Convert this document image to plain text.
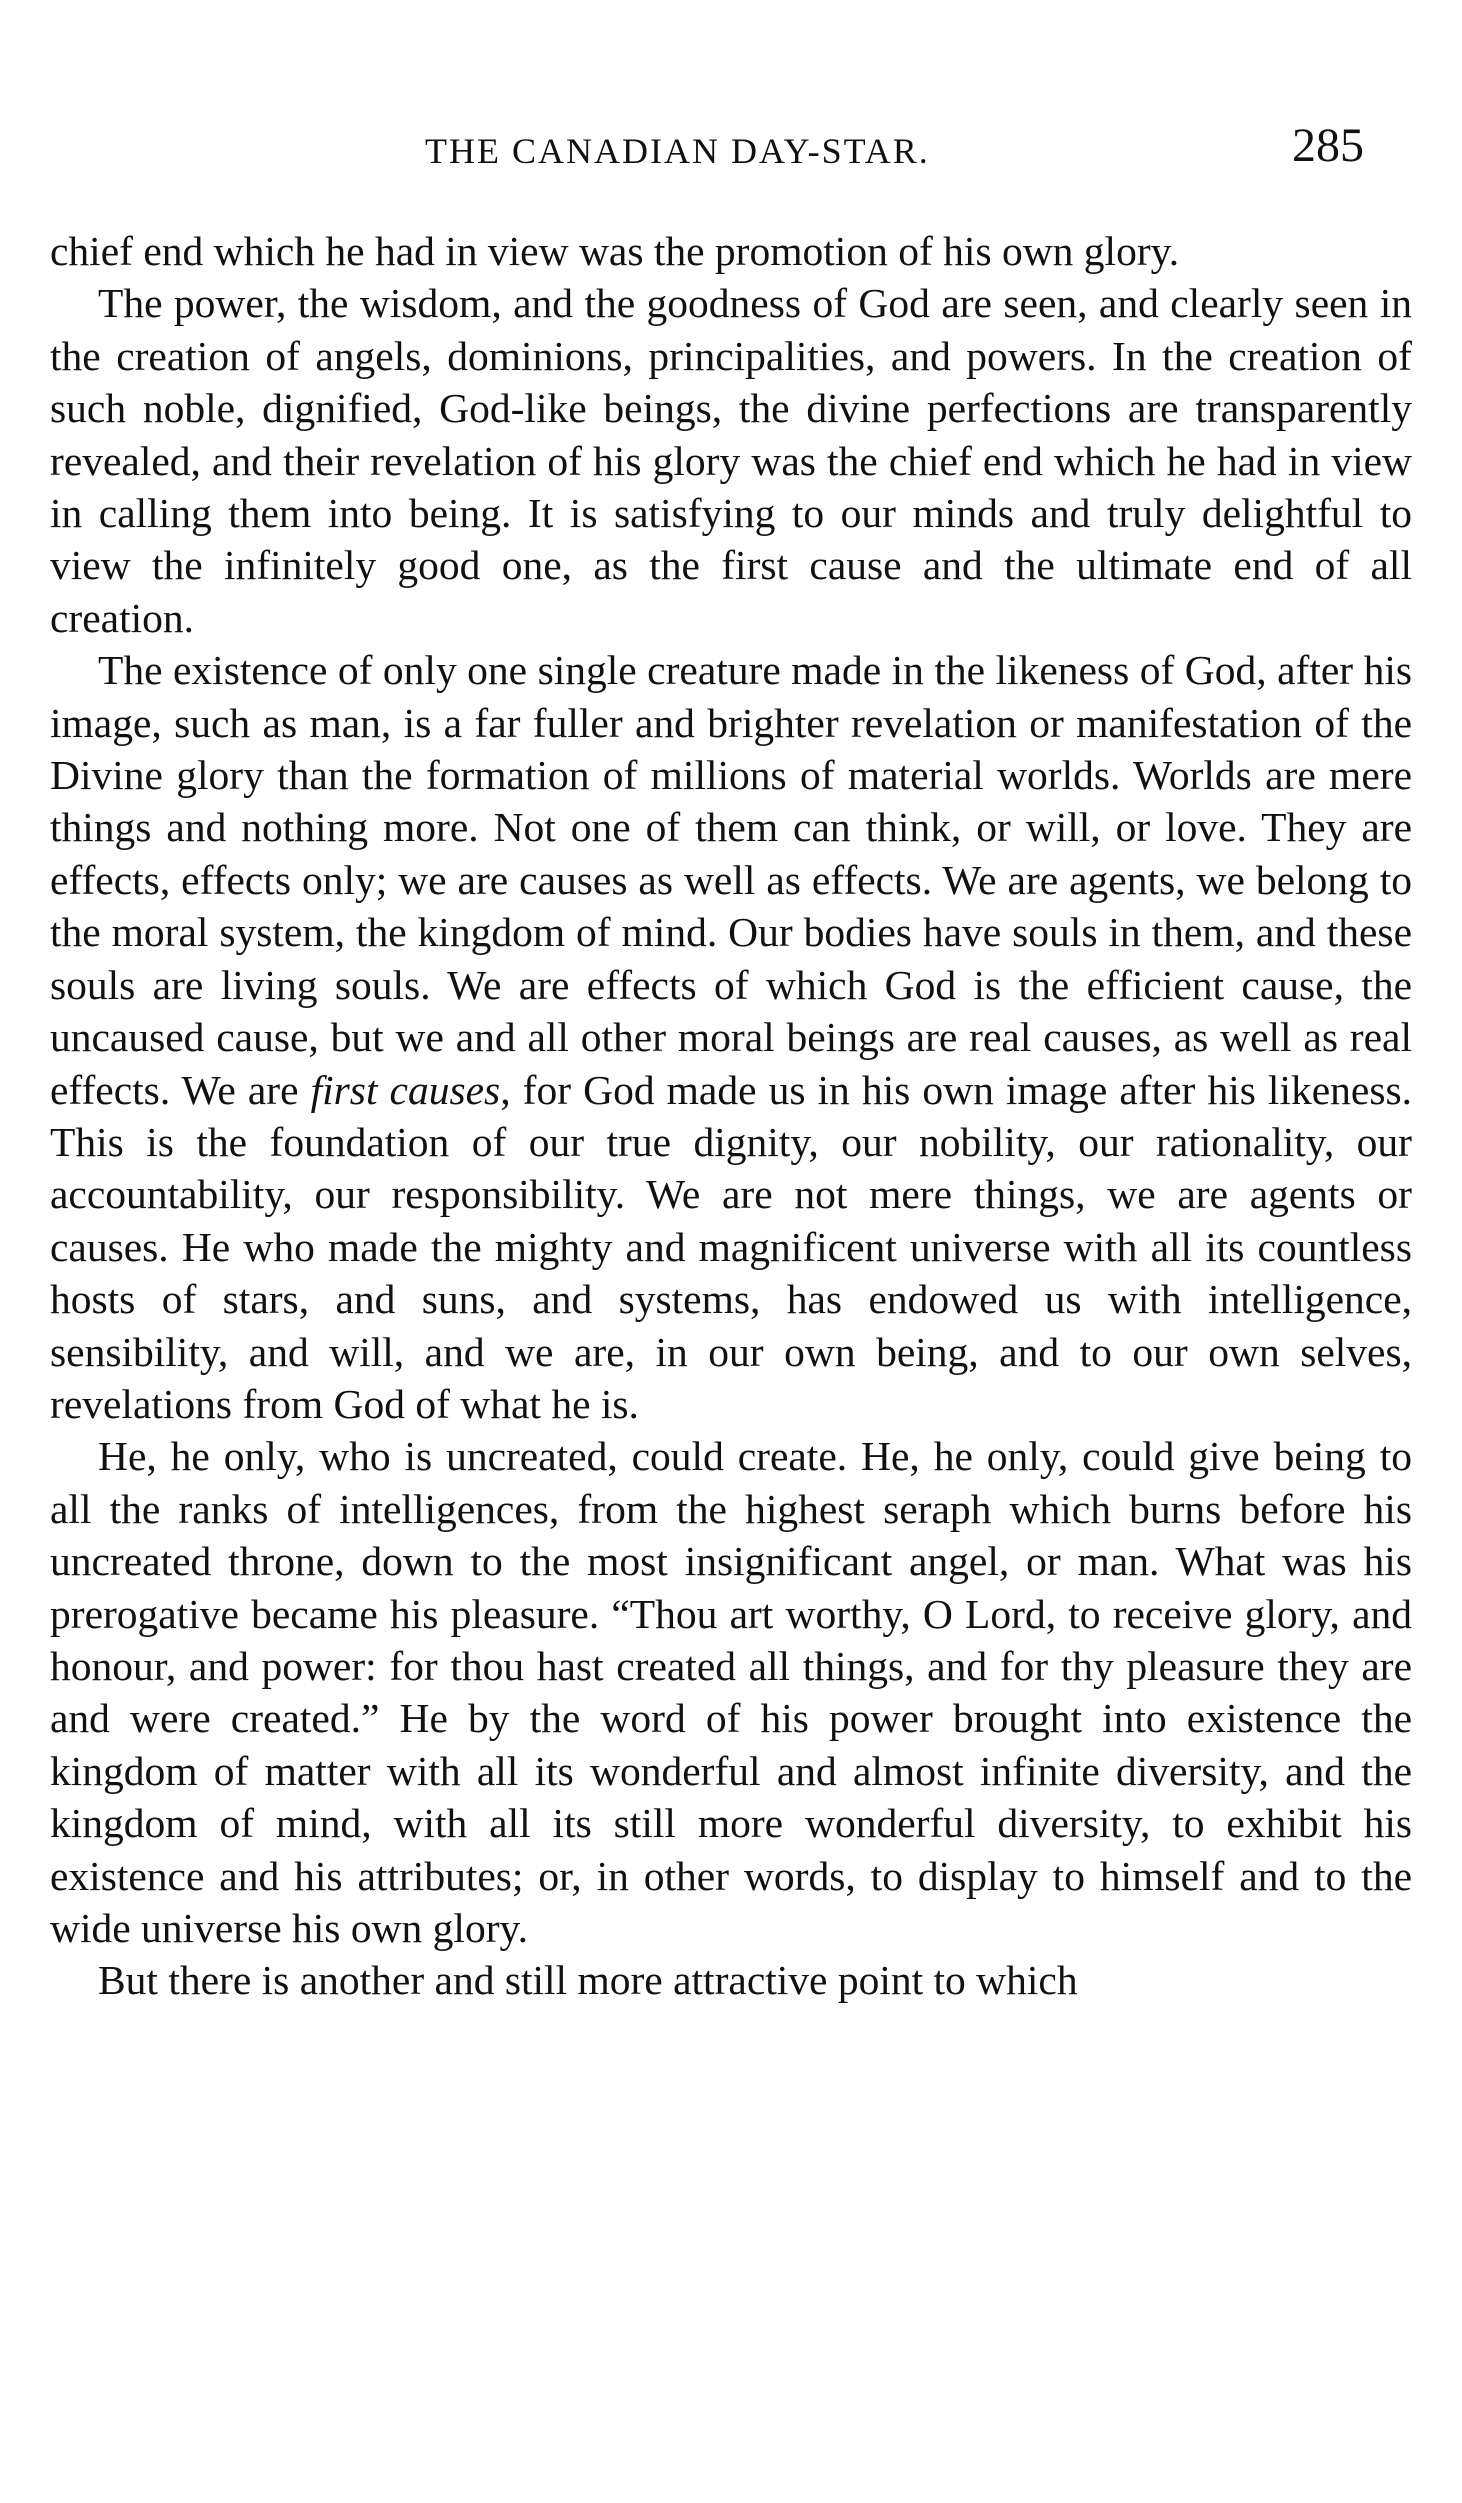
THE CANADIAN DAY-STAR.	285

chief end which he had in view was the promotion of his own glory.

The power, the wisdom, and the goodness of God are seen, and clearly seen in the creation of angels, dominions, principalities, and powers. In the creation of such noble, dignified, God-like beings, the divine perfections are transparently revealed, and their revelation of his glory was the chief end which he had in view in calling them into being. It is satisfying to our minds and truly delightful to view the infinitely good one, as the first cause and the ultimate end of all creation.

The existence of only one single creature made in the likeness of God, after his image, such as man, is a far fuller and brighter revelation or manifestation of the Divine glory than the formation of millions of material worlds. Worlds are mere things and nothing more. Not one of them can think, or will, or love. They are effects, effects only; we are causes as well as effects. We are agents, we belong to the moral system, the kingdom of mind. Our bodies have souls in them, and these souls are living souls. We are effects of which God is the efficient cause, the uncaused cause, but we and all other moral beings are real causes, as well as real effects. We are first causes, for God made us in his own image after his likeness. This is the foundation of our true dignity, our nobility, our rationality, our accountability, our responsibility. We are not mere things, we are agents or causes. He who made the mighty and magnificent universe with all its countless hosts of stars, and suns, and systems, has endowed us with intelligence, sensibility, and will, and we are, in our own being, and to our own selves, revelations from God of what he is.

He, he only, who is uncreated, could create. He, he only, could give being to all the ranks of intelligences, from the highest seraph which burns before his uncreated throne, down to the most insignificant angel, or man. What was his prerogative became his pleasure. “Thou art worthy, O Lord, to receive glory, and honour, and power: for thou hast created all things, and for thy pleasure they are and were created.” He by the word of his power brought into existence the kingdom of matter with all its wonderful and almost infinite diversity, and the kingdom of mind, with all its still more wonderful diversity, to exhibit his existence and his attributes; or, in other words, to display to himself and to the wide universe his own glory.

But there is another and still more attractive point to which
